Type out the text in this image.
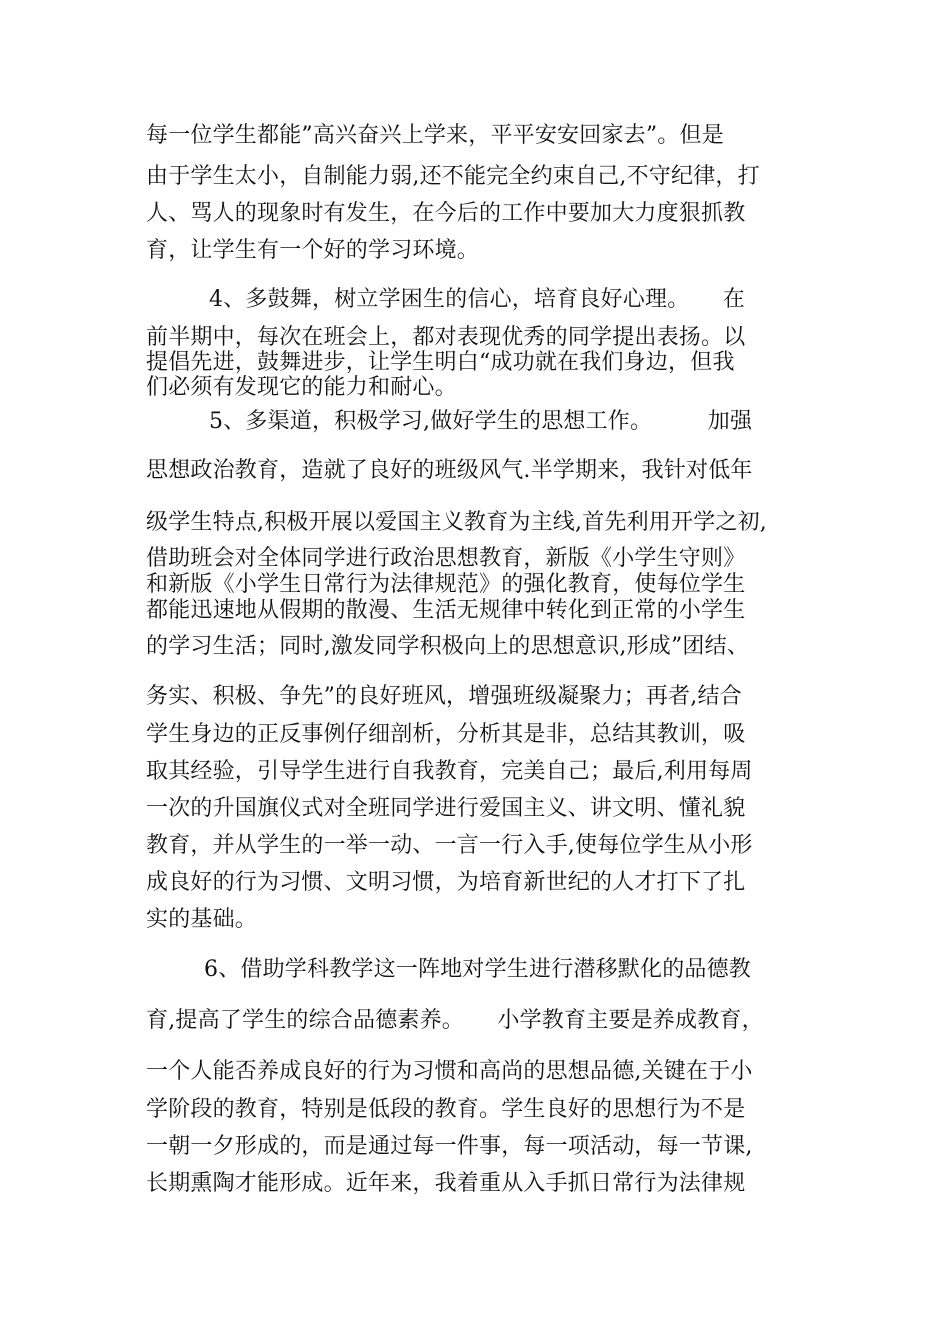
每一位学生都能”高兴奋兴上学来，平平安安回家去”。但是
由于学生太小，自制能力弱,还不能完全约束自己,不守纪律，打
人、骂人的现象时有发生，在今后的工作中要加大力度狠抓教
育，让学生有一个好的学习环境。
4、多鼓舞，树立学困生的信心，培育良好心理。　　在
前半期中，每次在班会上，都对表现优秀的同学提出表扬。以
提倡先进，鼓舞进步，让学生明白“成功就在我们身边，但我
们必须有发现它的能力和耐心。
5、多渠道，积极学习,做好学生的思想工作。　　　加强
思想政治教育，造就了良好的班级风气.半学期来，我针对低年
级学生特点,积极开展以爱国主义教育为主线,首先利用开学之初,
借助班会对全体同学进行政治思想教育，新版《小学生守则》
和新版《小学生日常行为法律规范》的强化教育，使每位学生
都能迅速地从假期的散漫、生活无规律中转化到正常的小学生
的学习生活；同时,激发同学积极向上的思想意识,形成”团结、
务实、积极、争先”的良好班风，增强班级凝聚力；再者,结合
学生身边的正反事例仔细剖析，分析其是非，总结其教训，吸
取其经验，引导学生进行自我教育，完美自己；最后,利用每周
一次的升国旗仪式对全班同学进行爱国主义、讲文明、懂礼貌
教育，并从学生的一举一动、一言一行入手,使每位学生从小形
成良好的行为习惯、文明习惯，为培育新世纪的人才打下了扎
实的基础。
6、借助学科教学这一阵地对学生进行潜移默化的品德教
育,提高了学生的综合品德素养。　　小学教育主要是养成教育，
一个人能否养成良好的行为习惯和高尚的思想品德,关键在于小
学阶段的教育，特别是低段的教育。学生良好的思想行为不是
一朝一夕形成的，而是通过每一件事，每一项活动，每一节课,
长期熏陶才能形成。近年来，我着重从入手抓日常行为法律规
